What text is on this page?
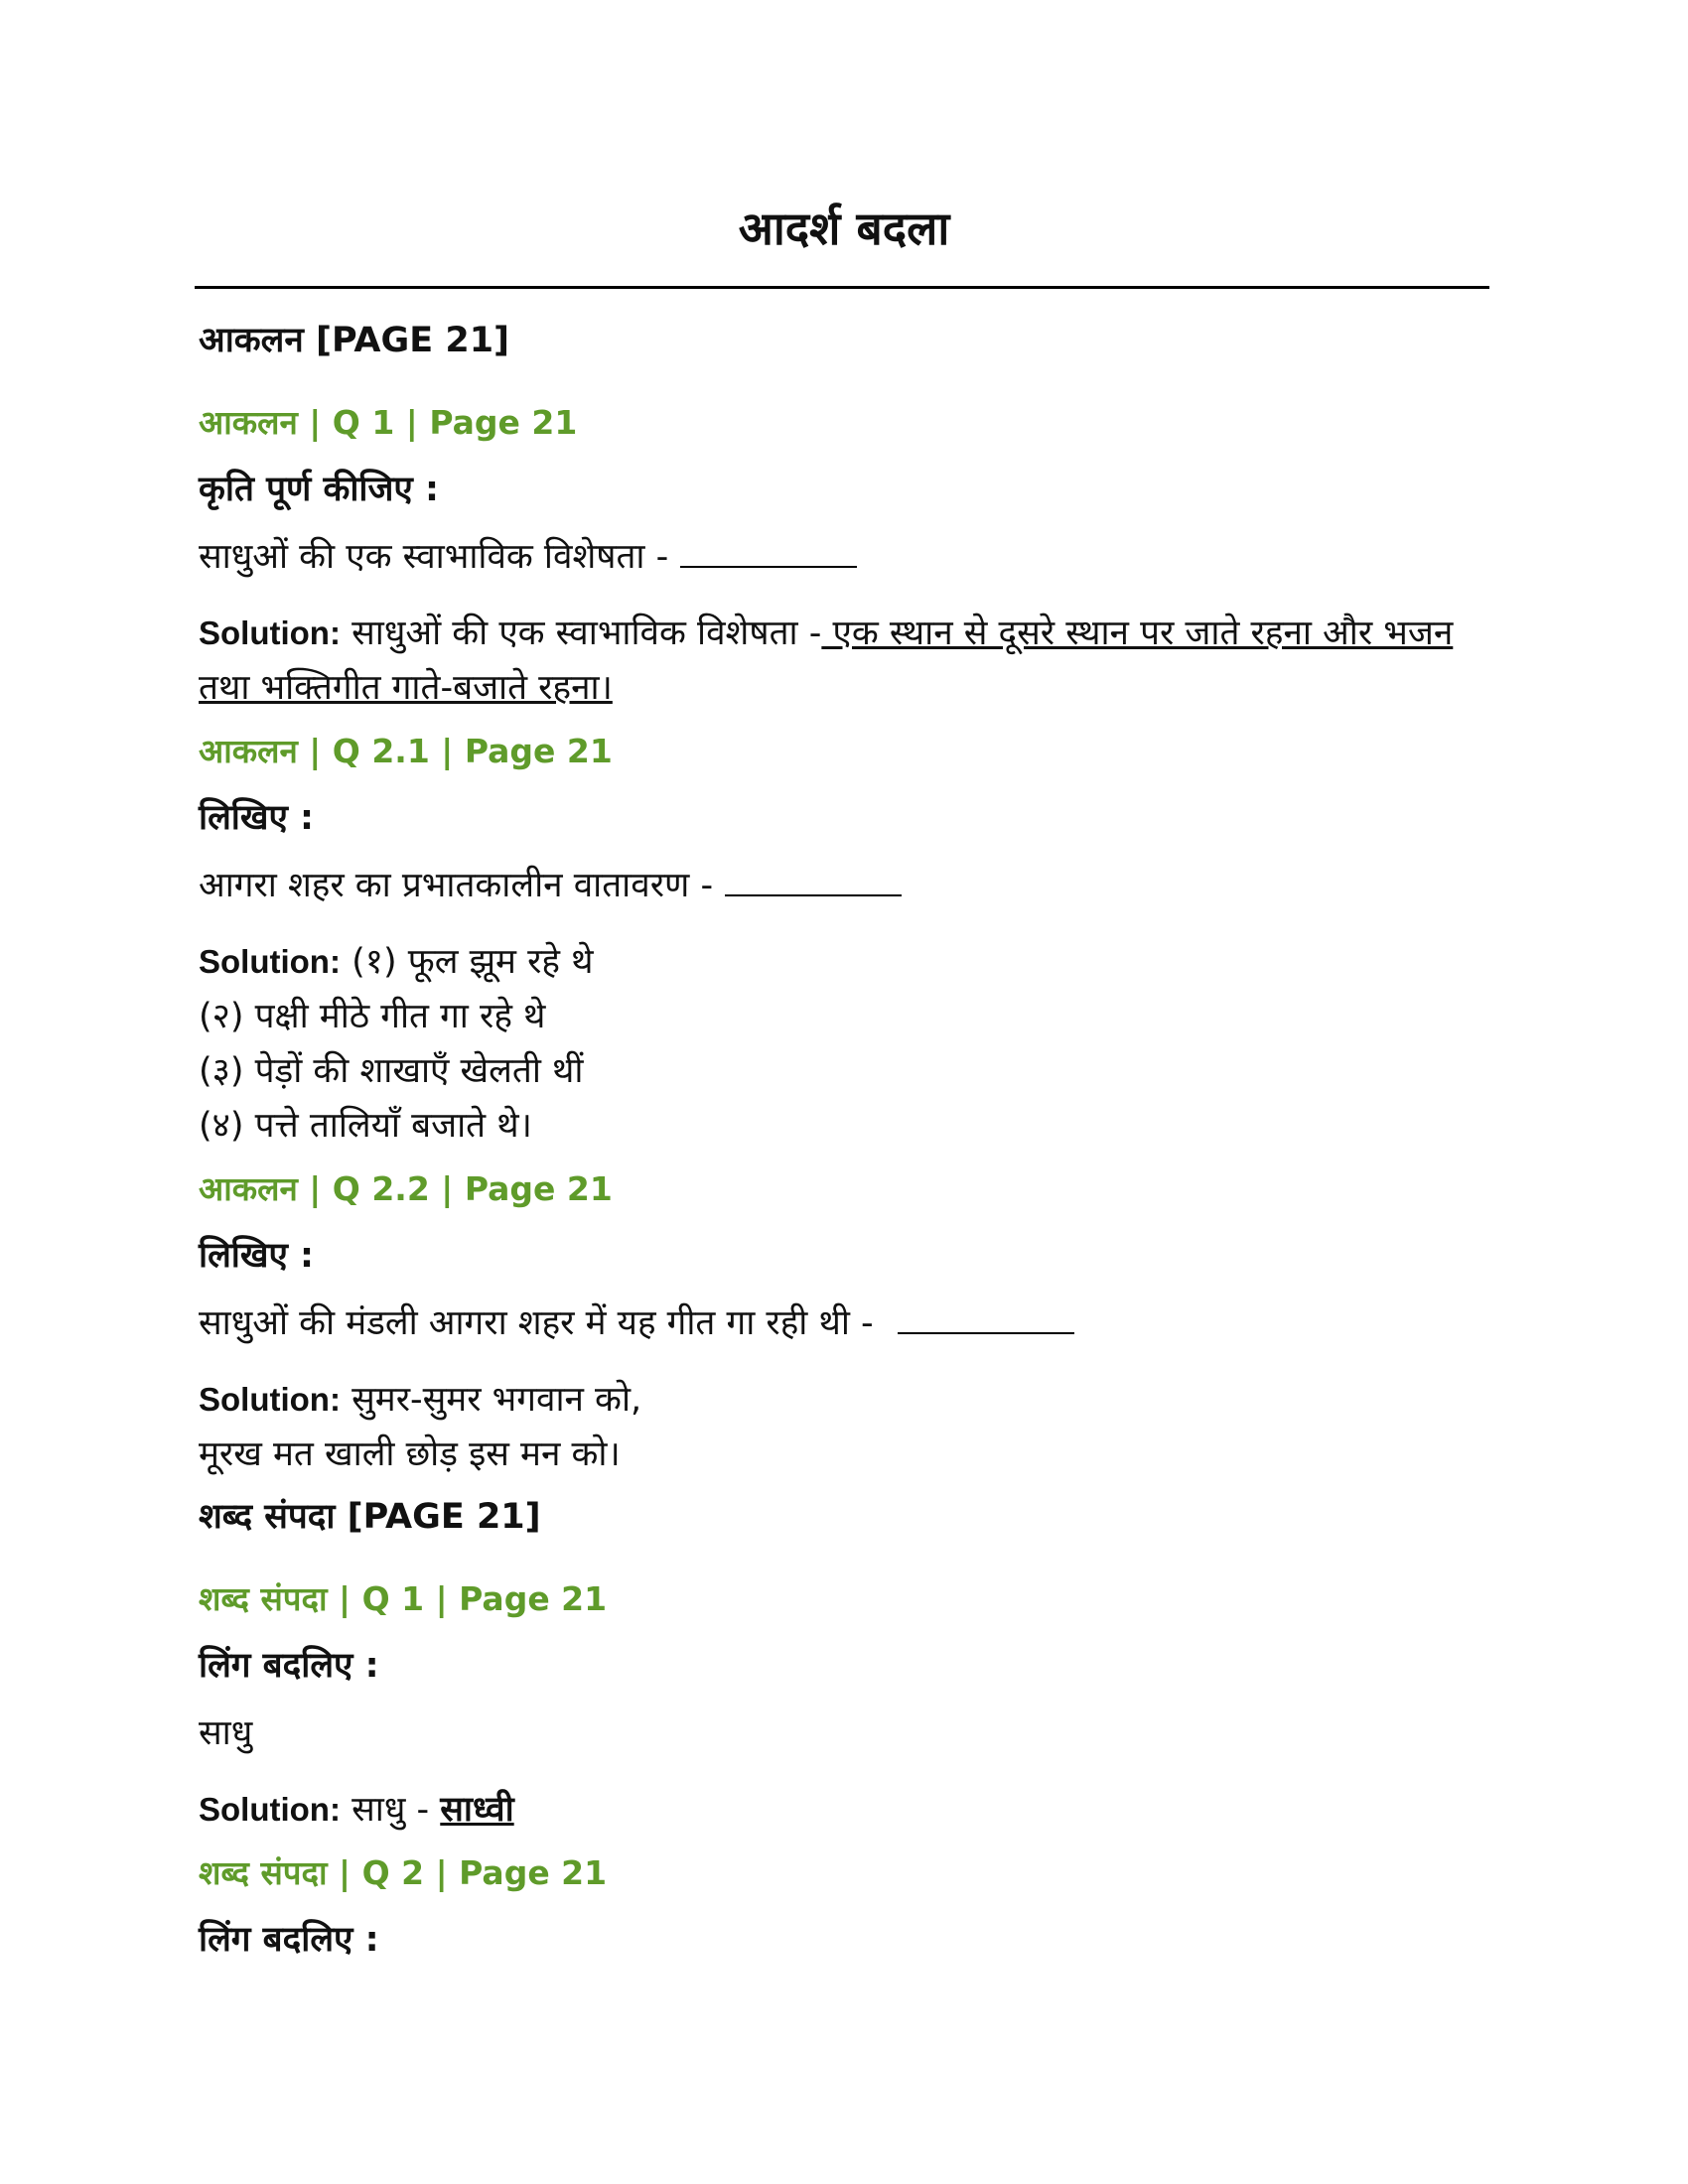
आदर्श बदला
आकलन [PAGE 21]
आकलन | Q 1 | Page 21
कृति पूर्ण कीजिए :
साधुओं की एक स्वाभाविक विशेषता -
Solution: साधुओं की एक स्वाभाविक विशेषता - एक स्थान से दूसरे स्थान पर जाते रहना और भजन तथा भक्तिगीत गाते-बजाते रहना।
आकलन | Q 2.1 | Page 21
लिखिए :
आगरा शहर का प्रभातकालीन वातावरण -
Solution: (१) फूल झूम रहे थे
(२) पक्षी मीठे गीत गा रहे थे
(३) पेड़ों की शाखाएँ खेलती थीं
(४) पत्ते तालियाँ बजाते थे।
आकलन | Q 2.2 | Page 21
लिखिए :
साधुओं की मंडली आगरा शहर में यह गीत गा रही थी -
Solution: सुमर-सुमर भगवान को,
मूरख मत खाली छोड़ इस मन को।
शब्द संपदा [PAGE 21]
शब्द संपदा | Q 1 | Page 21
लिंग बदलिए :
साधु
Solution: साधु - साध्वी
शब्द संपदा | Q 2 | Page 21
लिंग बदलिए :
